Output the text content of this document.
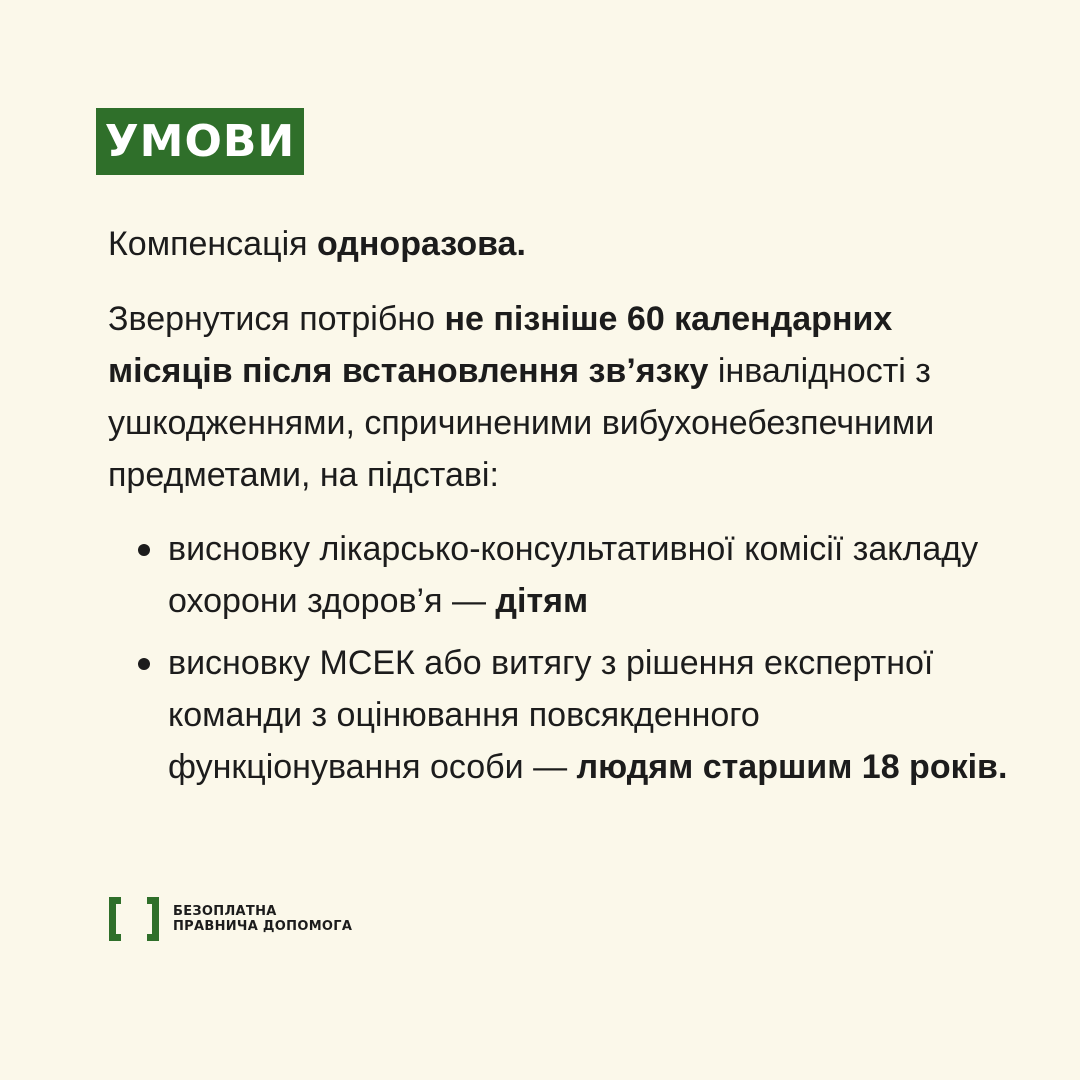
УМОВИ

Компенсація одноразова.

Звернутися потрібно не пізніше 60 календарних місяців після встановлення зв’язку інвалідності з ушкодженнями, спричиненими вибухонебезпечними предметами, на підставі:

висновку лікарсько-консультативної комісії закладу охорони здоров’я — дітям
висновку МСЕК або витягу з рішення експертної команди з оцінювання повсякденного функціонування особи — людям старшим 18 років.
БЕЗОПЛАТНА
ПРАВНИЧА ДОПОМОГА
